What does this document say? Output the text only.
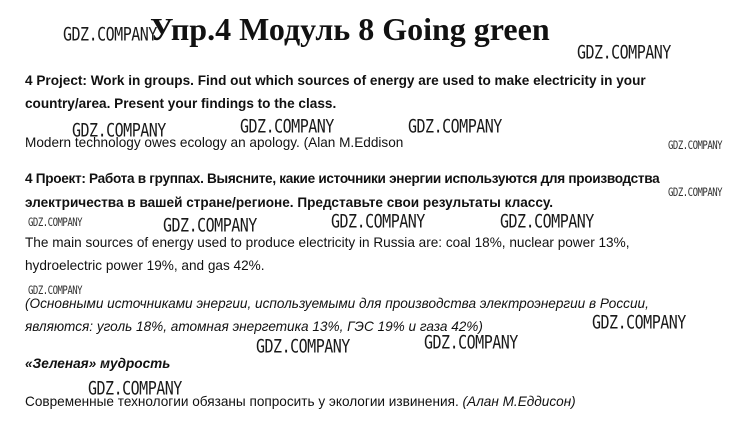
Упр.4 Модуль 8 Going green
4 Project: Work in groups. Find out which sources of energy are used to make electricity in your
country/area. Present your findings to the class.
Modern technology owes ecology an apology. (Alan M.Eddison
4 Проект: Работа в группах. Выясните, какие источники энергии используются для производства
электричества в вашей стране/регионе. Представьте свои результаты классу.
The main sources of energy used to produce electricity in Russia are: coal 18%, nuclear power 13%,
hydroelectric power 19%, and gas 42%.
(Основными источниками энергии, используемыми для производства электроэнергии в России,
являются: уголь 18%, атомная энергетика 13%, ГЭС 19% и газа 42%)
«Зеленая» мудрость
Современные технологии обязаны попросить у экологии извинения. (Алан М.Еддисон)
GDZ.COMPANY
GDZ.COMPANY
GDZ.COMPANY	GDZ.COMPANY	GDZ.COMPANY
GDZ.COMPANY
GDZ.COMPANY
GDZ.COMPANY	GDZ.COMPANY	GDZ.COMPANY	GDZ.COMPANY
GDZ.COMPANY
GDZ.COMPANY
GDZ.COMPANY	GDZ.COMPANY
GDZ.COMPANY
